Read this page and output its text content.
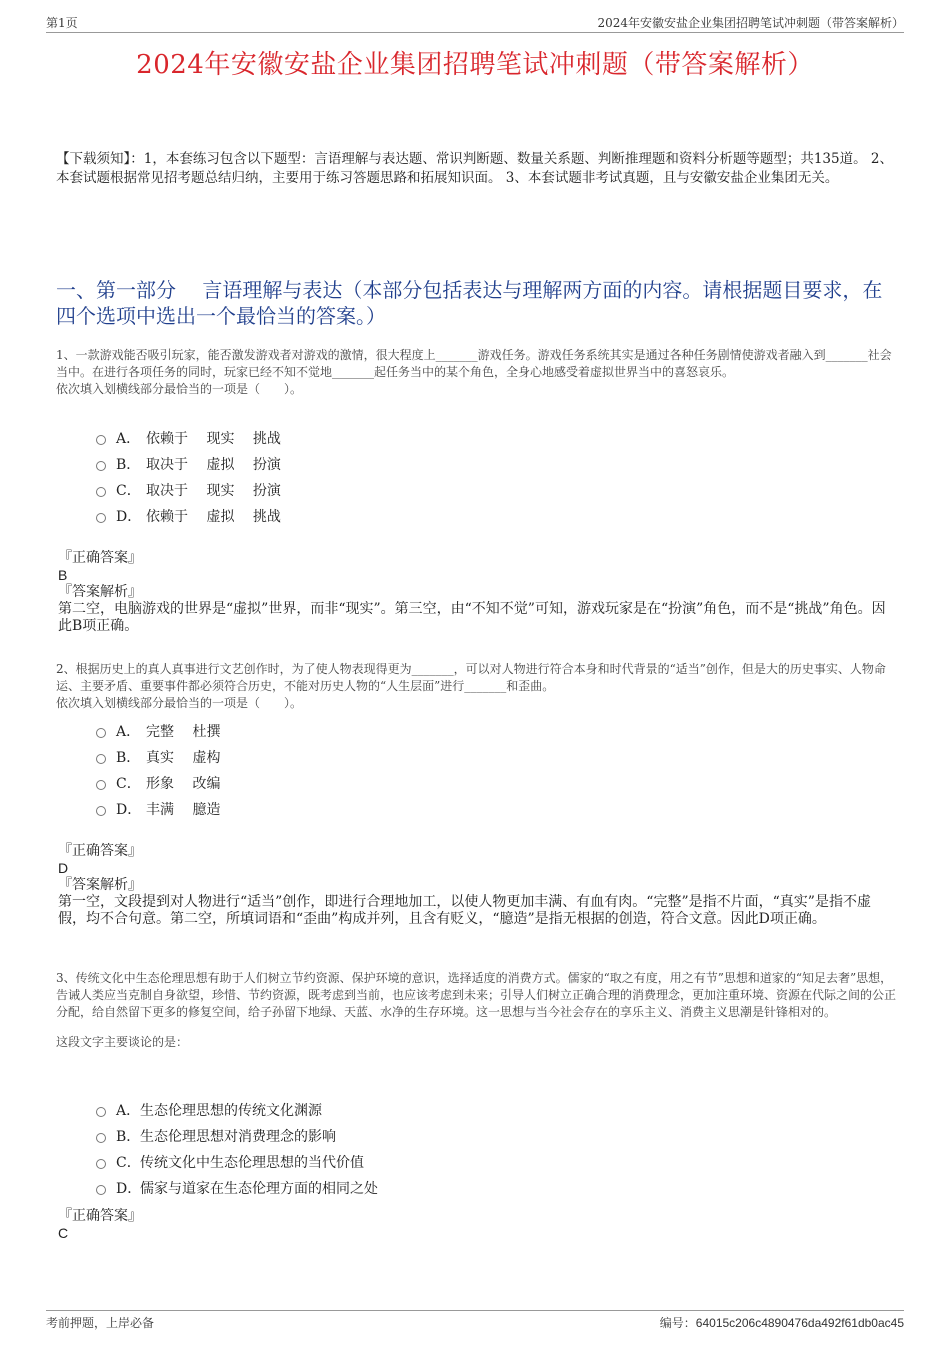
第1页	2024年安徽安盐企业集团招聘笔试冲刺题（带答案解析）
2024年安徽安盐企业集团招聘笔试冲刺题（带答案解析）
【下载须知】：1，本套练习包含以下题型：言语理解与表达题、常识判断题、数量关系题、判断推理题和资料分析题等题型；共135道。 2、本套试题根据常见招考题总结归纳，主要用于练习答题思路和拓展知识面。 3、本套试题非考试真题，且与安徽安盐企业集团无关。
一、第一部分　 言语理解与表达（本部分包括表达与理解两方面的内容。请根据题目要求，在四个选项中选出一个最恰当的答案。）

1、一款游戏能否吸引玩家，能否激发游戏者对游戏的激情，很大程度上_______游戏任务。游戏任务系统其实是通过各种任务剧情使游戏者融入到_______社会当中。在进行各项任务的同时，玩家已经不知不觉地_______起任务当中的某个角色，全身心地感受着虚拟世界当中的喜怒哀乐。

依次填入划横线部分最恰当的一项是（　　）。

A． 依赖于　 现实　 挑战
B． 取决于　 虚拟　 扮演
C． 取决于　 现实　 扮演
D． 依赖于　 虚拟　 挑战

『正确答案』

B

『答案解析』

第二空，电脑游戏的世界是“虚拟”世界，而非“现实”。第三空，由“不知不觉”可知，游戏玩家是在“扮演”角色，而不是“挑战”角色。因此B项正确。

2、根据历史上的真人真事进行文艺创作时，为了使人物表现得更为_______，可以对人物进行符合本身和时代背景的“适当”创作，但是大的历史事实、人物命运、主要矛盾、重要事件都必须符合历史，不能对历史人物的“人生层面”进行_______和歪曲。

依次填入划横线部分最恰当的一项是（　　）。

A． 完整　 杜撰
B． 真实　 虚构
C． 形象　 改编
D． 丰满　 臆造

『正确答案』

D

『答案解析』

第一空，文段提到对人物进行“适当”创作，即进行合理地加工，以使人物更加丰满、有血有肉。“完整”是指不片面，“真实”是指不虚假，均不合句意。第二空，所填词语和“歪曲”构成并列，且含有贬义，“臆造”是指无根据的创造，符合文意。因此D项正确。

3、传统文化中生态伦理思想有助于人们树立节约资源、保护环境的意识，选择适度的消费方式。儒家的“取之有度，用之有节”思想和道家的“知足去奢”思想，告诫人类应当克制自身欲望，珍惜、节约资源，既考虑到当前，也应该考虑到未来；引导人们树立正确合理的消费理念，更加注重环境、资源在代际之间的公正分配，给自然留下更多的修复空间，给子孙留下地绿、天蓝、水净的生存环境。这一思想与当今社会存在的享乐主义、消费主义思潮是针锋相对的。

这段文字主要谈论的是：

A． 生态伦理思想的传统文化渊源
B． 生态伦理思想对消费理念的影响
C． 传统文化中生态伦理思想的当代价值
D．
儒家与道家在生态伦理方面的相同之处

『正确答案』

C

考前押题，上岸必备	编号：64015c206c4890476da492f61db0ac45
